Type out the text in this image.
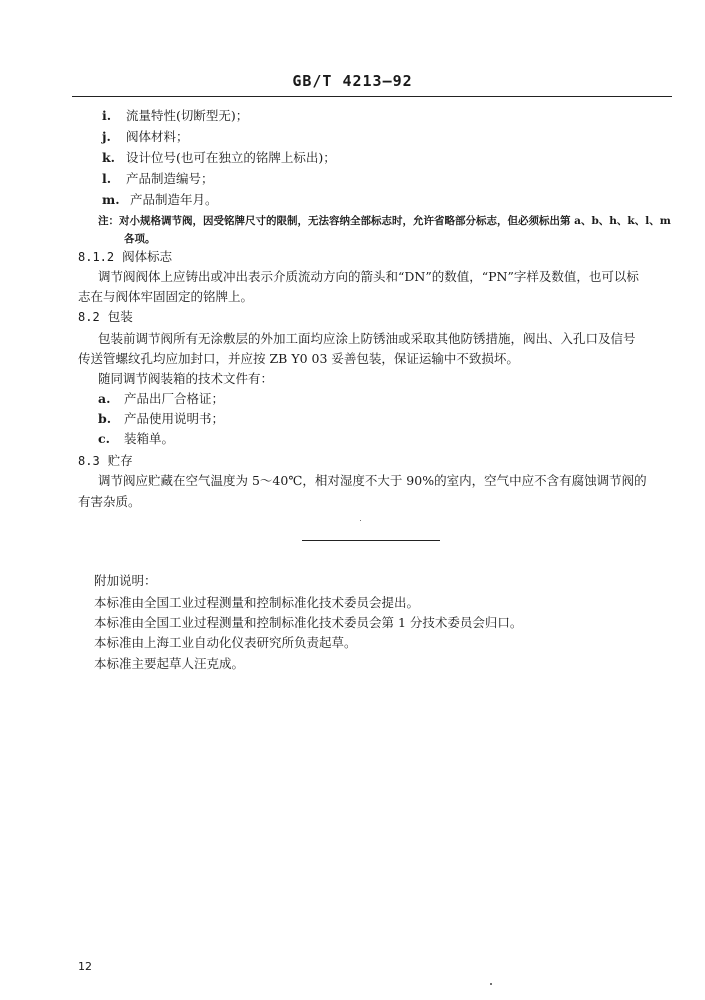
GB/T 4213—92
i. 流量特性(切断型无)；
j. 阀体材料；
k. 设计位号(也可在独立的铭牌上标出)；
l. 产品制造编号；
m. 产品制造年月。
注：对小规格调节阀，因受铭牌尺寸的限制，无法容纳全部标志时，允许省略部分标志，但必须标出第 a、b、h、k、l、m
各项。
8.1.2 阀体标志
调节阀阀体上应铸出或冲出表示介质流动方向的箭头和“DN”的数值，“PN”字样及数值，也可以标
志在与阀体牢固固定的铭牌上。
8.2 包装
包装前调节阀所有无涂敷层的外加工面均应涂上防锈油或采取其他防锈措施，阀出、入孔口及信号
传送管螺纹孔均应加封口，并应按 ZB Y0 03 妥善包装，保证运输中不致损坏。
随同调节阀装箱的技术文件有：
a. 产品出厂合格证；
b. 产品使用说明书；
c. 装箱单。
8.3 贮存
调节阀应贮藏在空气温度为 5～40℃，相对湿度不大于 90%的室内，空气中应不含有腐蚀调节阀的
有害杂质。
附加说明：
本标准由全国工业过程测量和控制标准化技术委员会提出。
本标准由全国工业过程测量和控制标准化技术委员会第 1 分技术委员会归口。
本标准由上海工业自动化仪表研究所负责起草。
本标准主要起草人汪克成。
12
